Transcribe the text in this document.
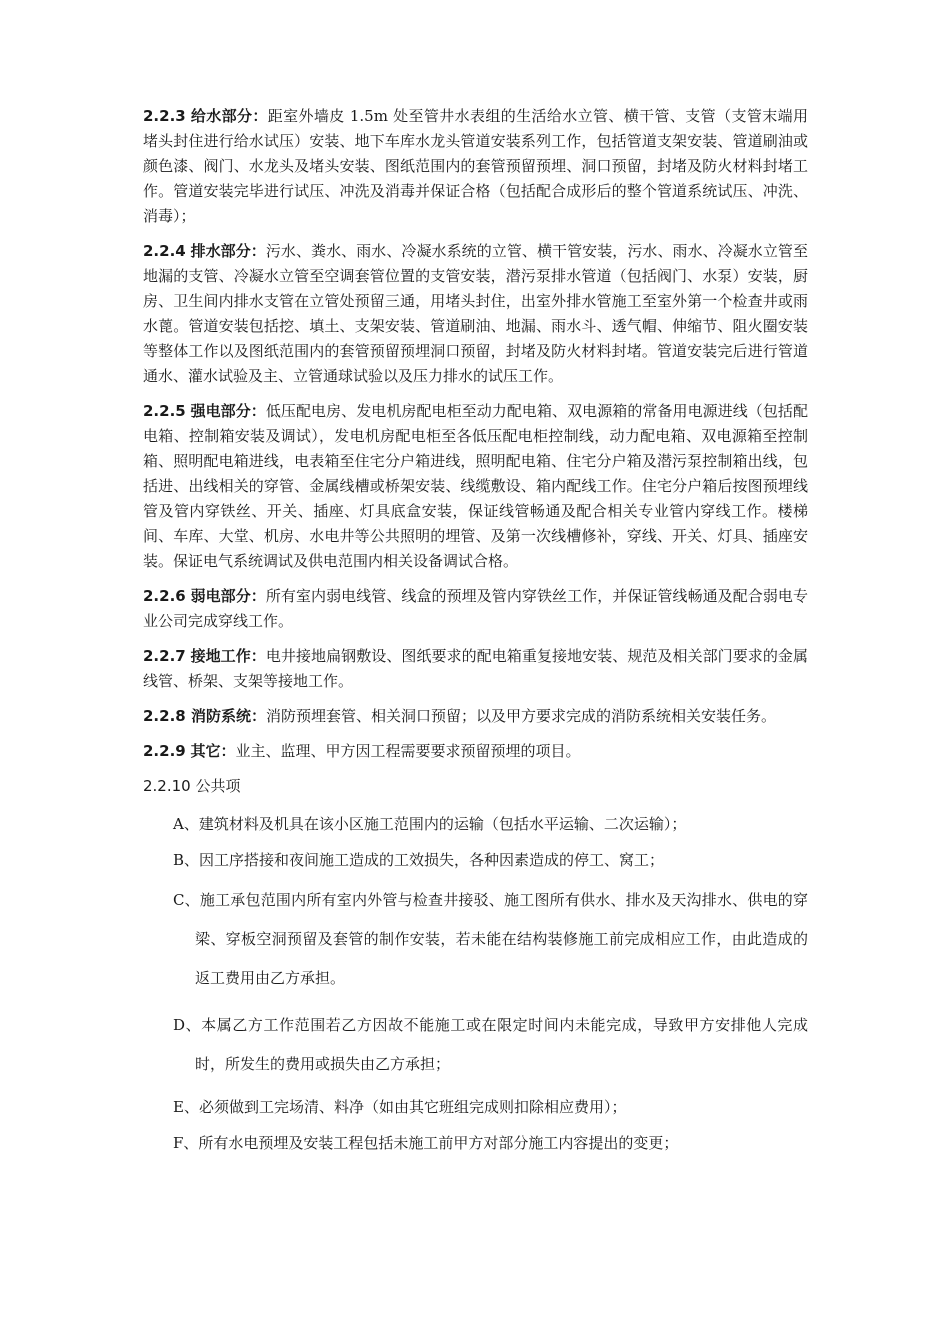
2.2.3 给水部分：距室外墙皮 1.5m 处至管井水表组的生活给水立管、横干管、支管（支管末端用堵头封住进行给水试压）安装、地下车库水龙头管道安装系列工作，包括管道支架安装、管道刷油或颜色漆、阀门、水龙头及堵头安装、图纸范围内的套管预留预埋、洞口预留，封堵及防火材料封堵工作。管道安装完毕进行试压、冲洗及消毒并保证合格（包括配合成形后的整个管道系统试压、冲洗、消毒）；

2.2.4 排水部分：污水、粪水、雨水、冷凝水系统的立管、横干管安装，污水、雨水、冷凝水立管至地漏的支管、冷凝水立管至空调套管位置的支管安装，潜污泵排水管道（包括阀门、水泵）安装，厨房、卫生间内排水支管在立管处预留三通，用堵头封住，出室外排水管施工至室外第一个检查井或雨水蓖。管道安装包括挖、填土、支架安装、管道刷油、地漏、雨水斗、透气帽、伸缩节、阻火圈安装等整体工作以及图纸范围内的套管预留预埋洞口预留，封堵及防火材料封堵。管道安装完后进行管道通水、灌水试验及主、立管通球试验以及压力排水的试压工作。

2.2.5 强电部分：低压配电房、发电机房配电柜至动力配电箱、双电源箱的常备用电源进线（包括配电箱、控制箱安装及调试），发电机房配电柜至各低压配电柜控制线，动力配电箱、双电源箱至控制箱、照明配电箱进线，电表箱至住宅分户箱进线，照明配电箱、住宅分户箱及潜污泵控制箱出线，包括进、出线相关的穿管、金属线槽或桥架安装、线缆敷设、箱内配线工作。住宅分户箱后按图预埋线管及管内穿铁丝、开关、插座、灯具底盒安装，保证线管畅通及配合相关专业管内穿线工作。楼梯间、车库、大堂、机房、水电井等公共照明的埋管、及第一次线槽修补，穿线、开关、灯具、插座安装。保证电气系统调试及供电范围内相关设备调试合格。

2.2.6 弱电部分：所有室内弱电线管、线盒的预埋及管内穿铁丝工作，并保证管线畅通及配合弱电专业公司完成穿线工作。

2.2.7 接地工作：电井接地扁钢敷设、图纸要求的配电箱重复接地安装、规范及相关部门要求的金属线管、桥架、支架等接地工作。

2.2.8 消防系统：消防预埋套管、相关洞口预留；以及甲方要求完成的消防系统相关安装任务。

2.2.9 其它：业主、监理、甲方因工程需要要求预留预埋的项目。

2.2.10 公共项

A、建筑材料及机具在该小区施工范围内的运输（包括水平运输、二次运输）；

B、因工序搭接和夜间施工造成的工效损失，各种因素造成的停工、窝工；

C、施工承包范围内所有室内外管与检查井接驳、施工图所有供水、排水及天沟排水、供电的穿梁、穿板空洞预留及套管的制作安装，若未能在结构装修施工前完成相应工作，由此造成的返工费用由乙方承担。

D、本属乙方工作范围若乙方因故不能施工或在限定时间内未能完成，导致甲方安排他人完成时，所发生的费用或损失由乙方承担；

E、必须做到工完场清、料净（如由其它班组完成则扣除相应费用）；

F、所有水电预埋及安装工程包括未施工前甲方对部分施工内容提出的变更；
